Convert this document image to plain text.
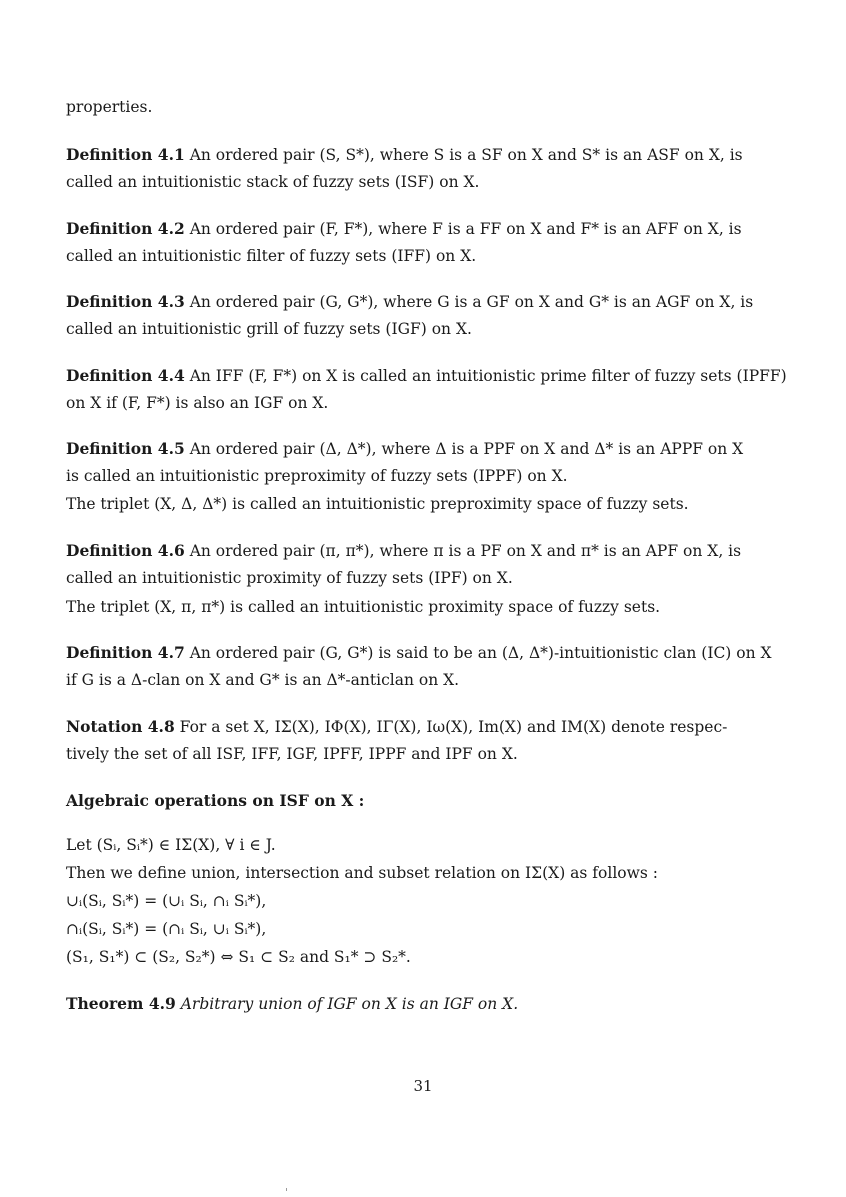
properties.
Definition 4.1 An ordered pair (S, S*), where S is a SF on X and S* is an ASF on X, is
called an intuitionistic stack of fuzzy sets (ISF) on X.
Definition 4.2 An ordered pair (F, F*), where F is a FF on X and F* is an AFF on X, is
called an intuitionistic filter of fuzzy sets (IFF) on X.
Definition 4.3 An ordered pair (G, G*), where G is a GF on X and G* is an AGF on X, is
called an intuitionistic grill of fuzzy sets (IGF) on X.
Definition 4.4 An IFF (F, F*) on X is called an intuitionistic prime filter of fuzzy sets (IPFF)
on X if (F, F*) is also an IGF on X.
Definition 4.5 An ordered pair (Δ, Δ*), where Δ is a PPF on X and Δ* is an APPF on X
is called an intuitionistic preproximity of fuzzy sets (IPPF) on X.
The triplet (X, Δ, Δ*) is called an intuitionistic preproximity space of fuzzy sets.
Definition 4.6 An ordered pair (π, π*), where π is a PF on X and π* is an APF on X, is
called an intuitionistic proximity of fuzzy sets (IPF) on X.
The triplet (X, π, π*) is called an intuitionistic proximity space of fuzzy sets.
Definition 4.7 An ordered pair (G, G*) is said to be an (Δ, Δ*)-intuitionistic clan (IC) on X
if G is a Δ-clan on X and G* is an Δ*-anticlan on X.
Notation 4.8 For a set X, IΣ(X), IΦ(X), IΓ(X), Iω(X), Im(X) and IM(X) denote respec-
tively the set of all ISF, IFF, IGF, IPFF, IPPF and IPF on X.
Algebraic operations on ISF on X :
Let (Sᵢ, Sᵢ*) ∈ IΣ(X), ∀ i ∈ J.
Then we define union, intersection and subset relation on IΣ(X) as follows :
∪ᵢ(Sᵢ, Sᵢ*) = (∪ᵢ Sᵢ, ∩ᵢ Sᵢ*),
∩ᵢ(Sᵢ, Sᵢ*) = (∩ᵢ Sᵢ, ∪ᵢ Sᵢ*),
(S₁, S₁*) ⊂ (S₂, S₂*) ⇔ S₁ ⊂ S₂ and S₁* ⊃ S₂*.
Theorem 4.9 Arbitrary union of IGF on X is an IGF on X.
31
